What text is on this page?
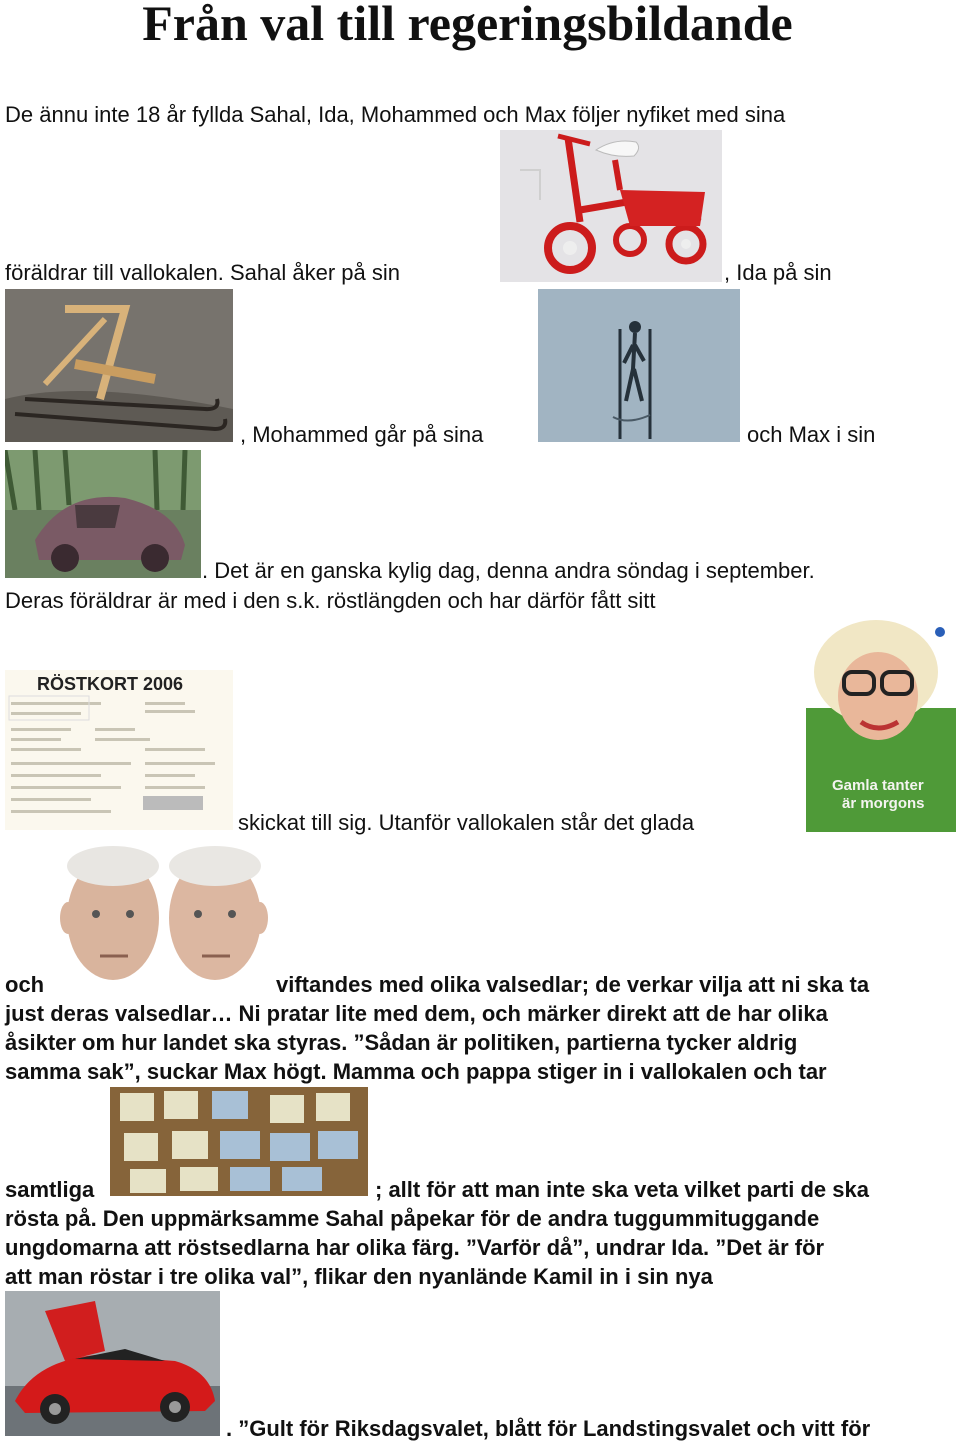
Från val till regeringsbildande

De ännu inte 18 år fyllda Sahal, Ida, Mohammed och Max följer nyfiket med sina

föräldrar till vallokalen. Sahal åker på sin	, Ida på sin

, Mohammed går på sina	och Max i sin

. Det är en ganska kylig dag, denna andra söndag i september.

Deras föräldrar är med i den s.k. röstlängden och har därför fått sitt

RÖSTKORT 2006

skickat till sig. Utanför vallokalen står det glada

Gamla tanter
är morgons

och	viftandes med olika valsedlar; de verkar vilja att ni ska ta

just deras valsedlar… Ni pratar lite med dem, och märker direkt att de har olika

åsikter om hur landet ska styras. ”Sådan är politiken, partierna tycker aldrig

samma sak”, suckar Max högt. Mamma och pappa stiger in i vallokalen och tar

samtliga	; allt för att man inte ska veta vilket parti de ska

rösta på. Den uppmärksamme Sahal påpekar för de andra tuggummituggande

ungdomarna att röstsedlarna har olika färg. ”Varför då”, undrar Ida. ”Det är för

att man röstar i tre olika val”, flikar den nyanlände Kamil in i sin nya

. ”Gult för Riksdagsvalet, blått för Landstingsvalet och vitt för
